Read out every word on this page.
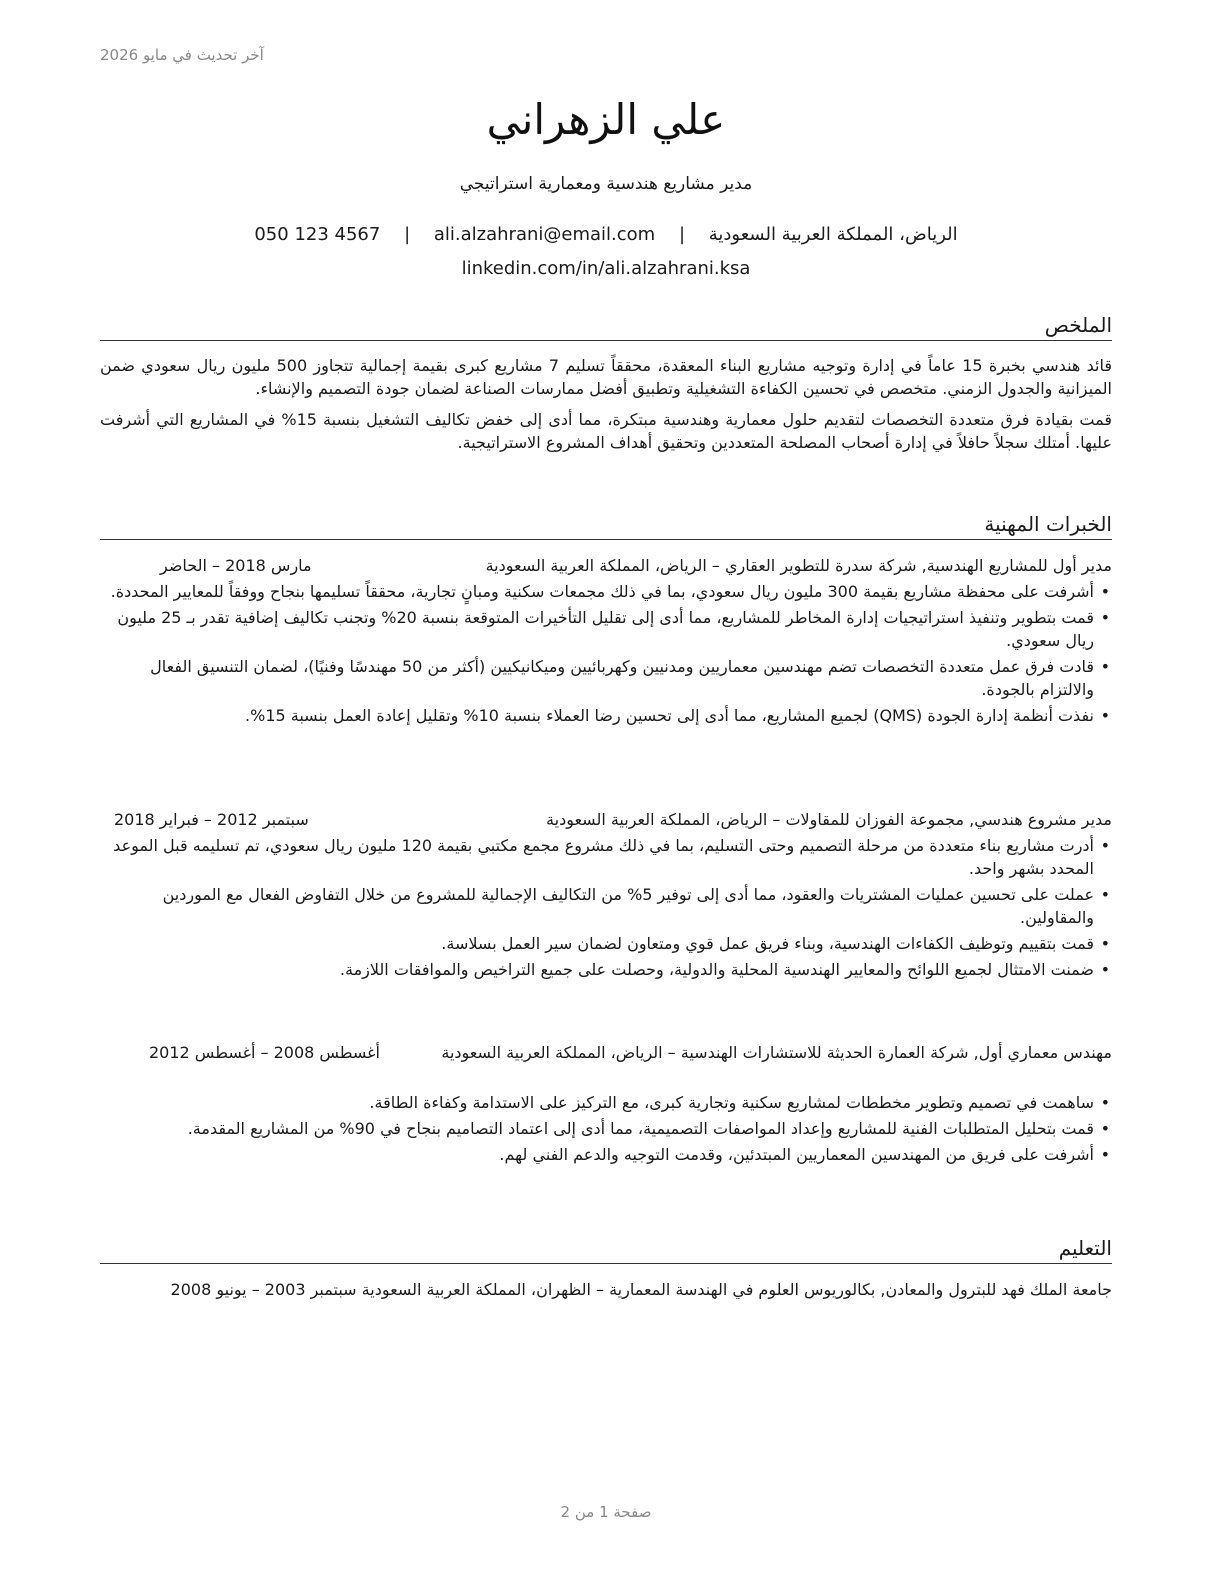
آخر تحديث في مايو 2026
علي الزهراني
مدير مشاريع هندسية ومعمارية استراتيجي
الرياض، المملكة العربية السعودية | ali.alzahrani@email.com | 050 123 4567
linkedin.com/in/ali.alzahrani.ksa
الملخص

قائد هندسي بخبرة 15 عاماً في إدارة وتوجيه مشاريع البناء المعقدة، محققاً تسليم 7 مشاريع كبرى بقيمة إجمالية تتجاوز 500 مليون ريال سعودي ضمن الميزانية والجدول الزمني. متخصص في تحسين الكفاءة التشغيلية وتطبيق أفضل ممارسات الصناعة لضمان جودة التصميم والإنشاء.

قمت بقيادة فرق متعددة التخصصات لتقديم حلول معمارية وهندسية مبتكرة، مما أدى إلى خفض تكاليف التشغيل بنسبة 15% في المشاريع التي أشرفت عليها. أمتلك سجلاً حافلاً في إدارة أصحاب المصلحة المتعددين وتحقيق أهداف المشروع الاستراتيجية.

الخبرات المهنية
مدير أول للمشاريع الهندسية, شركة سدرة للتطوير العقاري – الرياض، المملكة العربية السعودية
مارس 2018 – الحاضر
• أشرفت على محفظة مشاريع بقيمة 300 مليون ريال سعودي، بما في ذلك مجمعات سكنية ومبانٍ تجارية، محققاً تسليمها بنجاح ووفقاً للمعايير المحددة.
• قمت بتطوير وتنفيذ استراتيجيات إدارة المخاطر للمشاريع، مما أدى إلى تقليل التأخيرات المتوقعة بنسبة 20% وتجنب تكاليف إضافية تقدر بـ 25 مليون ريال سعودي.
• قادت فرق عمل متعددة التخصصات تضم مهندسين معماريين ومدنيين وكهربائيين وميكانيكيين (أكثر من 50 مهندسًا وفنيًا)، لضمان التنسيق الفعال والالتزام بالجودة.
• نفذت أنظمة إدارة الجودة (QMS) لجميع المشاريع، مما أدى إلى تحسين رضا العملاء بنسبة 10% وتقليل إعادة العمل بنسبة 15%.
مدير مشروع هندسي, مجموعة الفوزان للمقاولات – الرياض، المملكة العربية السعودية
سبتمبر 2012 – فبراير 2018
• أدرت مشاريع بناء متعددة من مرحلة التصميم وحتى التسليم، بما في ذلك مشروع مجمع مكتبي بقيمة 120 مليون ريال سعودي، تم تسليمه قبل الموعد المحدد بشهر واحد.
• عملت على تحسين عمليات المشتريات والعقود، مما أدى إلى توفير 5% من التكاليف الإجمالية للمشروع من خلال التفاوض الفعال مع الموردين والمقاولين.
• قمت بتقييم وتوظيف الكفاءات الهندسية، وبناء فريق عمل قوي ومتعاون لضمان سير العمل بسلاسة.
• ضمنت الامتثال لجميع اللوائح والمعايير الهندسية المحلية والدولية، وحصلت على جميع التراخيص والموافقات اللازمة.
مهندس معماري أول, شركة العمارة الحديثة للاستشارات الهندسية – الرياض، المملكة العربية السعودية
أغسطس 2008 – أغسطس 2012
• ساهمت في تصميم وتطوير مخططات لمشاريع سكنية وتجارية كبرى، مع التركيز على الاستدامة وكفاءة الطاقة.
• قمت بتحليل المتطلبات الفنية للمشاريع وإعداد المواصفات التصميمية، مما أدى إلى اعتماد التصاميم بنجاح في 90% من المشاريع المقدمة.
• أشرفت على فريق من المهندسين المعماريين المبتدئين، وقدمت التوجيه والدعم الفني لهم.
التعليم
جامعة الملك فهد للبترول والمعادن, بكالوريوس العلوم في الهندسة المعمارية – الظهران، المملكة العربية السعودية سبتمبر 2003 – يونيو 2008
صفحة 1 من 2
